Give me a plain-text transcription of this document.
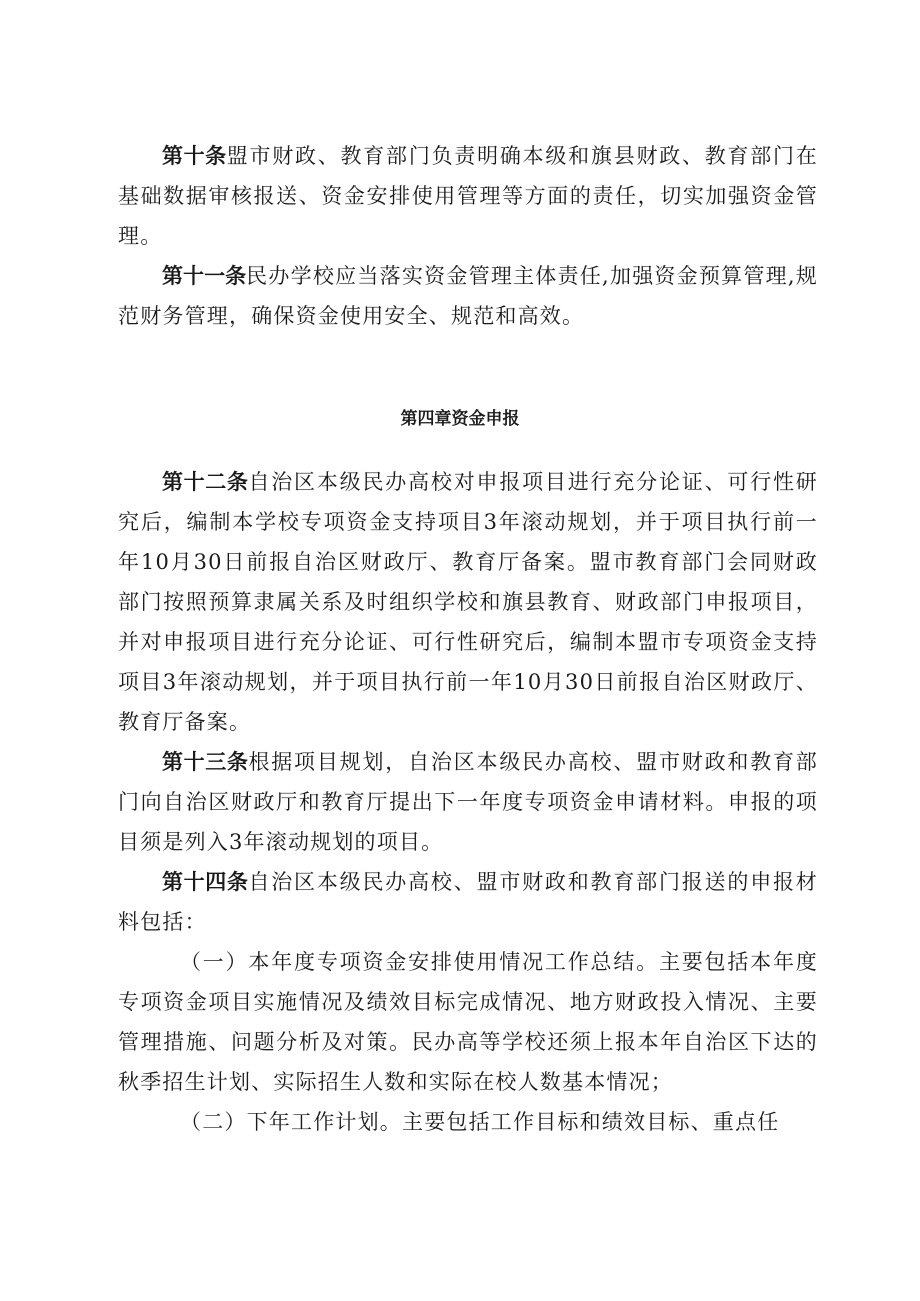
第十条盟市财政、教育部门负责明确本级和旗县财政、教育部门在基础数据审核报送、资金安排使用管理等方面的责任，切实加强资金管理。

第十一条民办学校应当落实资金管理主体责任,加强资金预算管理,规范财务管理，确保资金使用安全、规范和高效。

第四章资金申报

第十二条自治区本级民办高校对申报项目进行充分论证、可行性研究后，编制本学校专项资金支持项目3年滚动规划，并于项目执行前一年10月30日前报自治区财政厅、教育厅备案。盟市教育部门会同财政部门按照预算隶属关系及时组织学校和旗县教育、财政部门申报项目，并对申报项目进行充分论证、可行性研究后，编制本盟市专项资金支持项目3年滚动规划，并于项目执行前一年10月30日前报自治区财政厅、教育厅备案。

第十三条根据项目规划，自治区本级民办高校、盟市财政和教育部门向自治区财政厅和教育厅提出下一年度专项资金申请材料。申报的项目须是列入3年滚动规划的项目。

第十四条自治区本级民办高校、盟市财政和教育部门报送的申报材料包括：

（一）本年度专项资金安排使用情况工作总结。主要包括本年度专项资金项目实施情况及绩效目标完成情况、地方财政投入情况、主要管理措施、问题分析及对策。民办高等学校还须上报本年自治区下达的秋季招生计划、实际招生人数和实际在校人数基本情况；

（二）下年工作计划。主要包括工作目标和绩效目标、重点任
